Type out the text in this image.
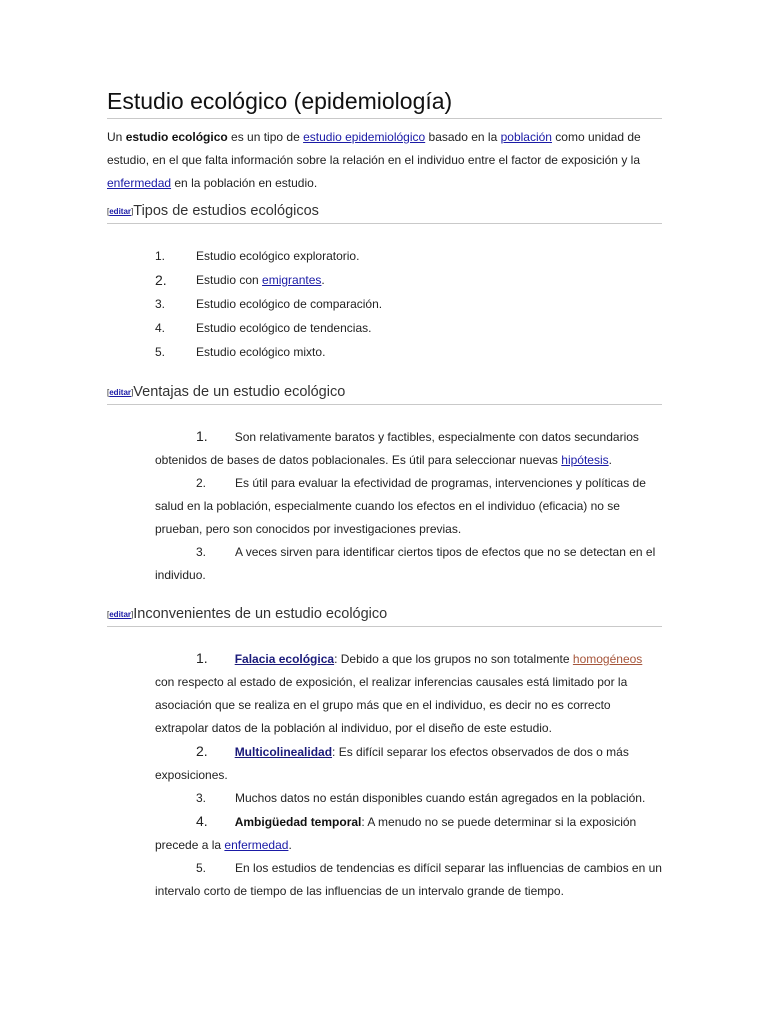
Estudio ecológico (epidemiología)
Un estudio ecológico es un tipo de estudio epidemiológico basado en la población como unidad de estudio, en el que falta información sobre la relación en el individuo entre el factor de exposición y la enfermedad en la población en estudio.
[editar]Tipos de estudios ecológicos
1.	Estudio ecológico exploratorio.
2.	Estudio con emigrantes.
3.	Estudio ecológico de comparación.
4.	Estudio ecológico de tendencias.
5.	Estudio ecológico mixto.
[editar]Ventajas de un estudio ecológico
1. Son relativamente baratos y factibles, especialmente con datos secundarios obtenidos de bases de datos poblacionales. Es útil para seleccionar nuevas hipótesis.
2. Es útil para evaluar la efectividad de programas, intervenciones y políticas de salud en la población, especialmente cuando los efectos en el individuo (eficacia) no se prueban, pero son conocidos por investigaciones previas.
3. A veces sirven para identificar ciertos tipos de efectos que no se detectan en el individuo.
[editar]Inconvenientes de un estudio ecológico
1. Falacia ecológica: Debido a que los grupos no son totalmente homogéneos con respecto al estado de exposición, el realizar inferencias causales está limitado por la asociación que se realiza en el grupo más que en el individuo, es decir no es correcto extrapolar datos de la población al individuo, por el diseño de este estudio.
2. Multicolinealidad: Es difícil separar los efectos observados de dos o más exposiciones.
3. Muchos datos no están disponibles cuando están agregados en la población.
4. Ambigüedad temporal: A menudo no se puede determinar si la exposición precede a la enfermedad.
5. En los estudios de tendencias es difícil separar las influencias de cambios en un intervalo corto de tiempo de las influencias de un intervalo grande de tiempo.
